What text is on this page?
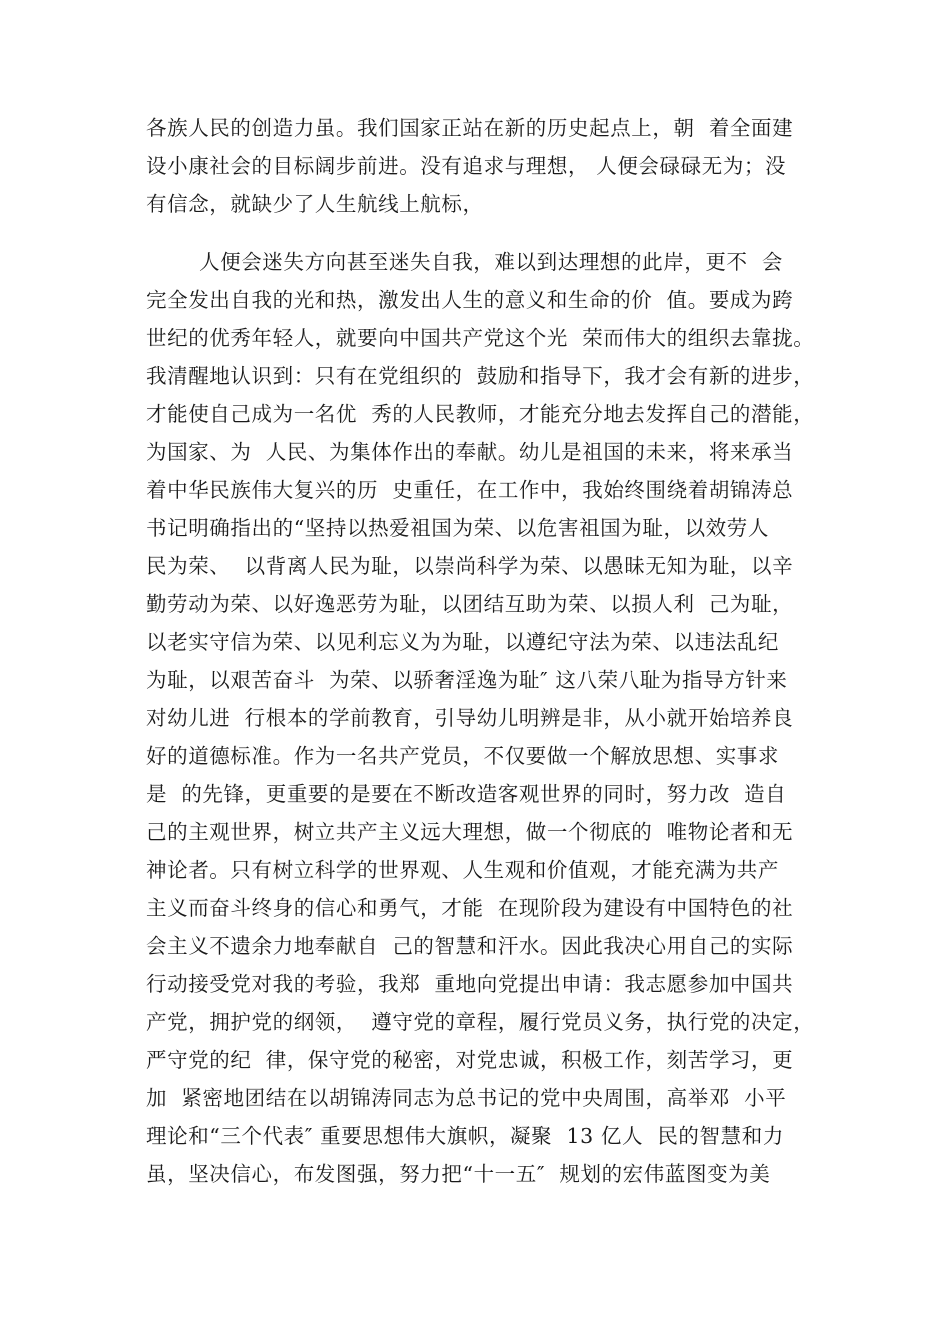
各族人民的创造力虽。我们国家正站在新的历史起点上，朝  着全面建
设小康社会的目标阔步前进。没有追求与理想， 人便会碌碌无为；没
有信念，就缺少了人生航线上航标，
人便会迷失方向甚至迷失自我，难以到达理想的此岸，更不  会
完全发出自我的光和热，激发出人生的意义和生命的价  值。要成为跨
世纪的优秀年轻人，就要向中国共产党这个光  荣而伟大的组织去靠拢。
我清醒地认识到：只有在党组织的  鼓励和指导下，我才会有新的进步，
才能使自己成为一名优  秀的人民教师，才能充分地去发挥自己的潜能，
为国家、为  人民、为集体作出的奉献。幼儿是祖国的未来，将来承当
着中华民族伟大复兴的历  史重任，在工作中，我始终围绕着胡锦涛总
书记明确指出的“坚持以热爱祖国为荣、以危害祖国为耻，以效劳人
民为荣、  以背离人民为耻，以崇尚科学为荣、以愚昧无知为耻，以辛
勤劳动为荣、以好逸恶劳为耻，以团结互助为荣、以损人利  己为耻，
以老实守信为荣、以见利忘义为为耻，以遵纪守法为荣、以违法乱纪
为耻，以艰苦奋斗  为荣、以骄奢淫逸为耻″ 这八荣八耻为指导方针来
对幼儿进  行根本的学前教育，引导幼儿明辨是非，从小就开始培养良
好的道德标准。作为一名共产党员，不仅要做一个解放思想、实事求
是  的先锋，更重要的是要在不断改造客观世界的同时，努力改  造自
己的主观世界，树立共产主义远大理想，做一个彻底的  唯物论者和无
神论者。只有树立科学的世界观、人生观和价值观，才能充满为共产
主义而奋斗终身的信心和勇气，才能  在现阶段为建设有中国特色的社
会主义不遗余力地奉献自  己的智慧和汗水。因此我决心用自己的实际
行动接受党对我的考验，我郑  重地向党提出申请：我志愿参加中国共
产党，拥护党的纲领，  遵守党的章程，履行党员义务，执行党的决定，
严守党的纪  律，保守党的秘密，对党忠诚，积极工作，刻苦学习，更
加  紧密地团结在以胡锦涛同志为总书记的党中央周围，高举邓  小平
理论和“三个代表″ 重要思想伟大旗帜，凝聚  13 亿人  民的智慧和力
虽，坚决信心，布发图强，努力把“十一五″  规划的宏伟蓝图变为美
